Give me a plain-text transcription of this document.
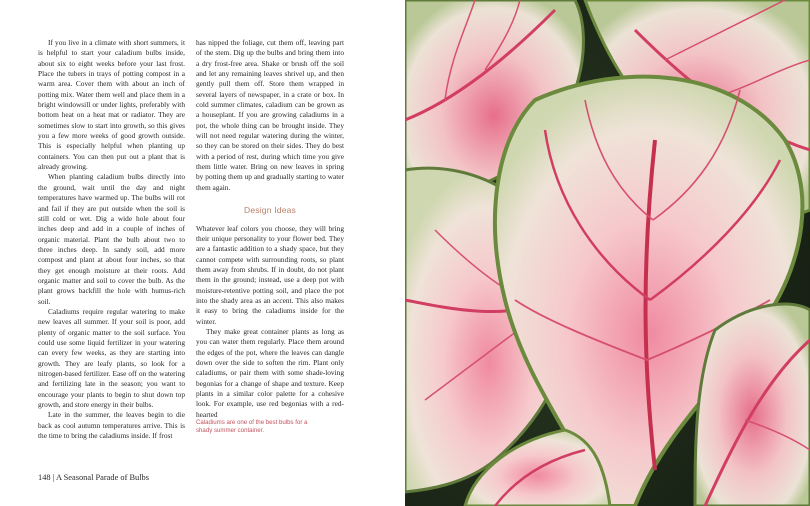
If you live in a climate with short summers, it is helpful to start your caladium bulbs inside, about six to eight weeks before your last frost. Place the tubers in trays of potting compost in a warm area. Cover them with about an inch of potting mix. Water them well and place them in a bright windowsill or under lights, preferably with bottom heat on a heat mat or radiator. They are sometimes slow to start into growth, so this gives you a few more weeks of good growth outside. This is especially helpful when planting up containers. You can then put out a plant that is already growing.

When planting caladium bulbs directly into the ground, wait until the day and night temperatures have warmed up. The bulbs will rot and fail if they are put outside when the soil is still cold or wet. Dig a wide hole about four inches deep and add in a couple of inches of organic material. Plant the bulb about two to three inches deep. In sandy soil, add more compost and plant at about four inches, so that they get enough moisture at their roots. Add organic matter and soil to cover the bulb. As the plant grows backfill the hole with humus-rich soil.

Caladiums require regular watering to make new leaves all summer. If your soil is poor, add plenty of organic matter to the soil surface. You could use some liquid fertilizer in your watering can every few weeks, as they are starting into growth. They are leafy plants, so look for a nitrogen-based fertilizer. Ease off on the watering and fertilizing late in the season; you want to encourage your plants to begin to shut down top growth, and store energy in their bulbs.

Late in the summer, the leaves begin to die back as cool autumn temperatures arrive. This is the time to bring the caladiums inside. If frost

has nipped the foliage, cut them off, leaving part of the stem. Dig up the bulbs and bring them into a dry frost-free area. Shake or brush off the soil and let any remaining leaves shrivel up, and then gently pull them off. Store them wrapped in several layers of newspaper, in a crate or box. In cold summer climates, caladium can be grown as a houseplant. If you are growing caladiums in a pot, the whole thing can be brought inside. They will not need regular watering during the winter, so they can be stored on their sides. They do best with a period of rest, during which time you give them little water. Bring on new leaves in spring by potting them up and gradually starting to water them again.

Design Ideas

Whatever leaf colors you choose, they will bring their unique personality to your flower bed. They are a fantastic addition to a shady space, but they cannot compete with surrounding roots, so plant them away from shrubs. If in doubt, do not plant them in the ground; instead, use a deep pot with moisture-retentive potting soil, and place the pot into the shady area as an accent. This also makes it easy to bring the caladiums inside for the winter.

They make great container plants as long as you can water them regularly. Place them around the edges of the pot, where the leaves can dangle down over the side to soften the rim. Plant only caladiums, or pair them with some shade-loving begonias for a change of shape and texture. Keep plants in a similar color palette for a cohesive look. For example, use red begonias with a red-hearted

Caladiums are one of the best bulbs for a shady summer container.
148 | A Seasonal Parade of Bulbs
